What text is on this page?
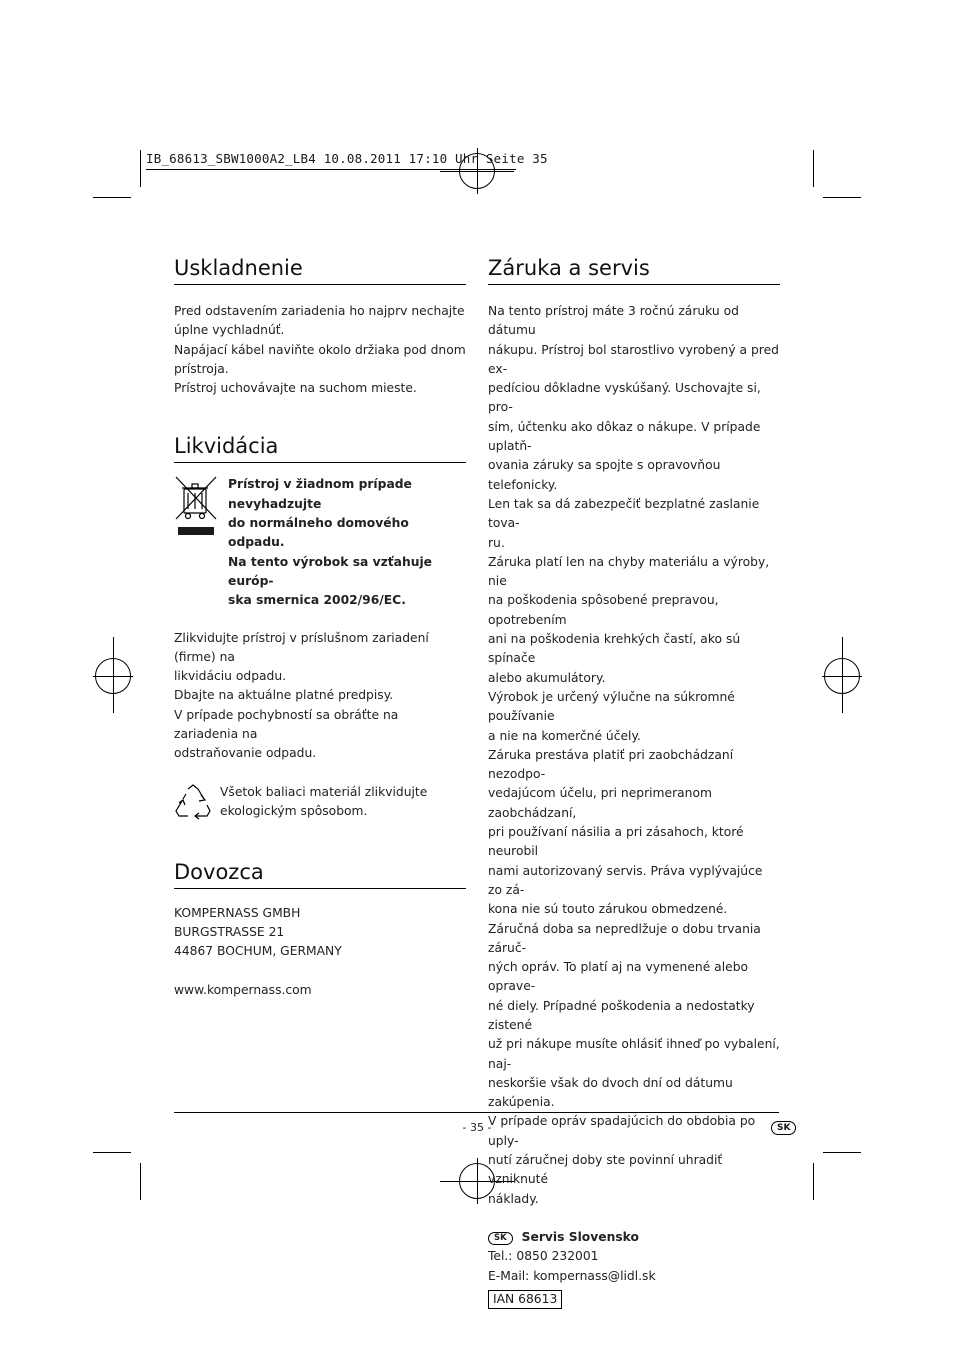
IB_68613_SBW1000A2_LB4 10.08.2011 17:10 Uhr Seite 35
Uskladnenie

Pred odstavením zariadenia ho najprv nechajte

úplne vychladnúť.

Napájací kábel naviňte okolo držiaka pod dnom

prístroja.

Prístroj uchovávajte na suchom mieste.

Likvidácia

Prístroj v žiadnom prípade nevyhadzujte

do normálneho domového odpadu.

Na tento výrobok sa vzťahuje európ-

ska smernica 2002/96/EC.

Zlikvidujte prístroj v príslušnom zariadení (firme) na

likvidáciu odpadu.

Dbajte na aktuálne platné predpisy.

V prípade pochybností sa obráťte na zariadenia na

odstraňovanie odpadu.

Všetok baliaci materiál zlikvidujte

ekologickým spôsobom.

Dovozca

KOMPERNASS GMBH

BURGSTRASSE 21

44867 BOCHUM, GERMANY

www.kompernass.com

Záruka a servis

Na tento prístroj máte 3 ročnú záruku od dátumu

nákupu. Prístroj bol starostlivo vyrobený a pred ex-

pedíciou dôkladne vyskúšaný. Uschovajte si, pro-

sím, účtenku ako dôkaz o nákupe. V prípade uplatň-

ovania záruky sa spojte s opravovňou telefonicky.

Len tak sa dá zabezpečiť bezplatné zaslanie tova-

ru.

Záruka platí len na chyby materiálu a výroby, nie

na poškodenia spôsobené prepravou, opotrebením

ani na poškodenia krehkých častí, ako sú spínače

alebo akumulátory.

Výrobok je určený výlučne na súkromné používanie

a nie na komerčné účely.

Záruka prestáva platiť pri zaobchádzaní nezodpo-

vedajúcom účelu, pri neprimeranom zaobchádzaní,

pri používaní násilia a pri zásahoch, ktoré neurobil

nami autorizovaný servis. Práva vyplývajúce zo zá-

kona nie sú touto zárukou obmedzené.

Záručná doba sa nepredlžuje o dobu trvania záruč-

ných opráv. To platí aj na vymenené alebo oprave-

né diely. Prípadné poškodenia a nedostatky zistené

už pri nákupe musíte ohlásiť ihneď po vybalení, naj-

neskoršie však do dvoch dní od dátumu zakúpenia.

V prípade opráv spadajúcich do obdobia po uply-

nutí záručnej doby ste povinní uhradiť vzniknuté

náklady.

SK Servis Slovensko

Tel.: 0850 232001

E-Mail: kompernass@lidl.sk

IAN 68613
- 35 -	SK
